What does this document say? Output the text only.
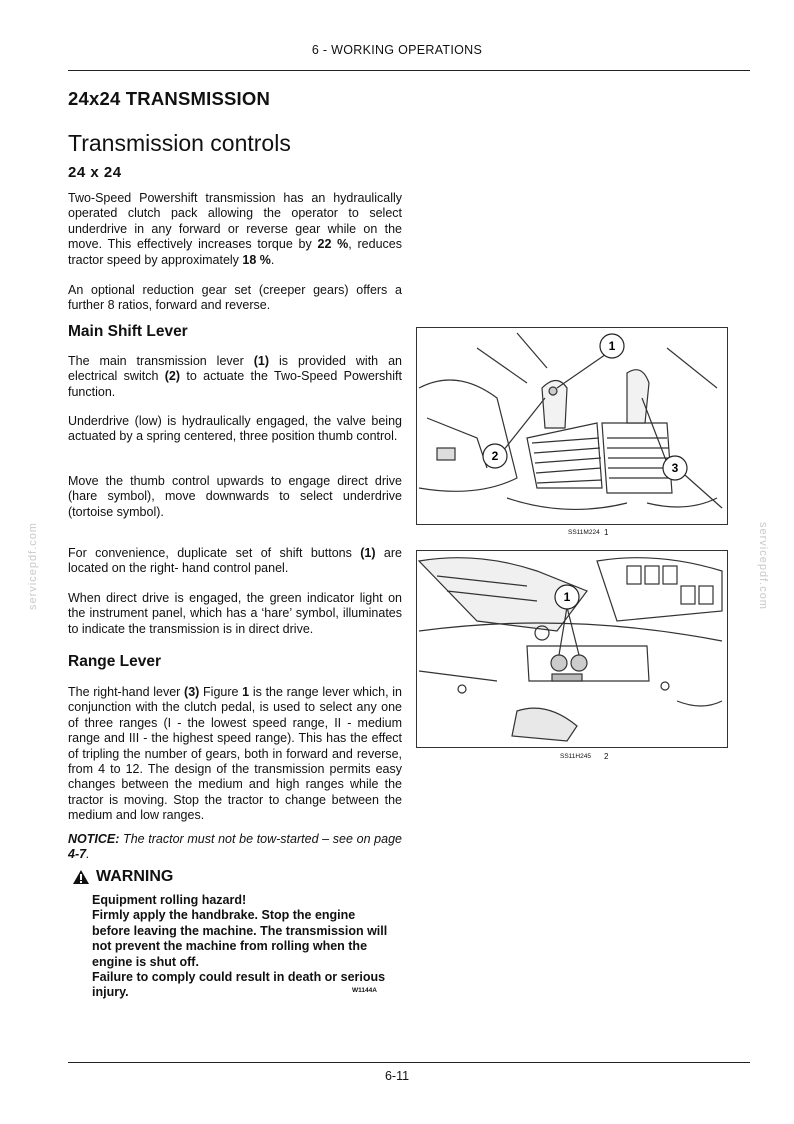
6 - WORKING OPERATIONS
24x24 TRANSMISSION
Transmission controls
24 x 24

Two-Speed Powershift transmission has an hydraulically operated clutch pack allowing the operator to select underdrive in any forward or reverse gear while on the move. This effectively increases torque by 22 %, reduces tractor speed by approximately 18 %.

An optional reduction gear set (creeper gears) offers a further 8 ratios, forward and reverse.

Main Shift Lever

The main transmission lever (1) is provided with an electrical switch (2) to actuate the Two-Speed Powershift function.

Underdrive (low) is hydraulically engaged, the valve being actuated by a spring centered, three position thumb control.

Move the thumb control upwards to engage direct drive (hare symbol), move downwards to select underdrive (tortoise symbol).

For convenience, duplicate set of shift buttons (1) are located on the right- hand control panel.

When direct drive is engaged, the green indicator light on the instrument panel, which has a ‘hare’ symbol, illuminates to indicate the transmission is in direct drive.

Range Lever

The right-hand lever (3) Figure 1 is the range lever which, in conjunction with the clutch pedal, is used to select any one of three ranges (I - the lowest speed range, II - medium range and III - the highest speed range). This has the effect of tripling the number of gears, both in forward and reverse, from 4 to 12. The design of the transmission permits easy changes between the medium and high ranges while the tractor is moving. Stop the tractor to change between the medium and low ranges.

NOTICE: The tractor must not be tow-started – see on page 4-7.

WARNING
Equipment rolling hazard!
Firmly apply the handbrake. Stop the engine before leaving the machine. The transmission will not prevent the machine from rolling when the engine is shut off.
Failure to comply could result in death or serious injury.	W1144A
1
2
3
SS11M224 1
1
SS11H245 2
servicepdf.com	servicepdf.com
6-11
